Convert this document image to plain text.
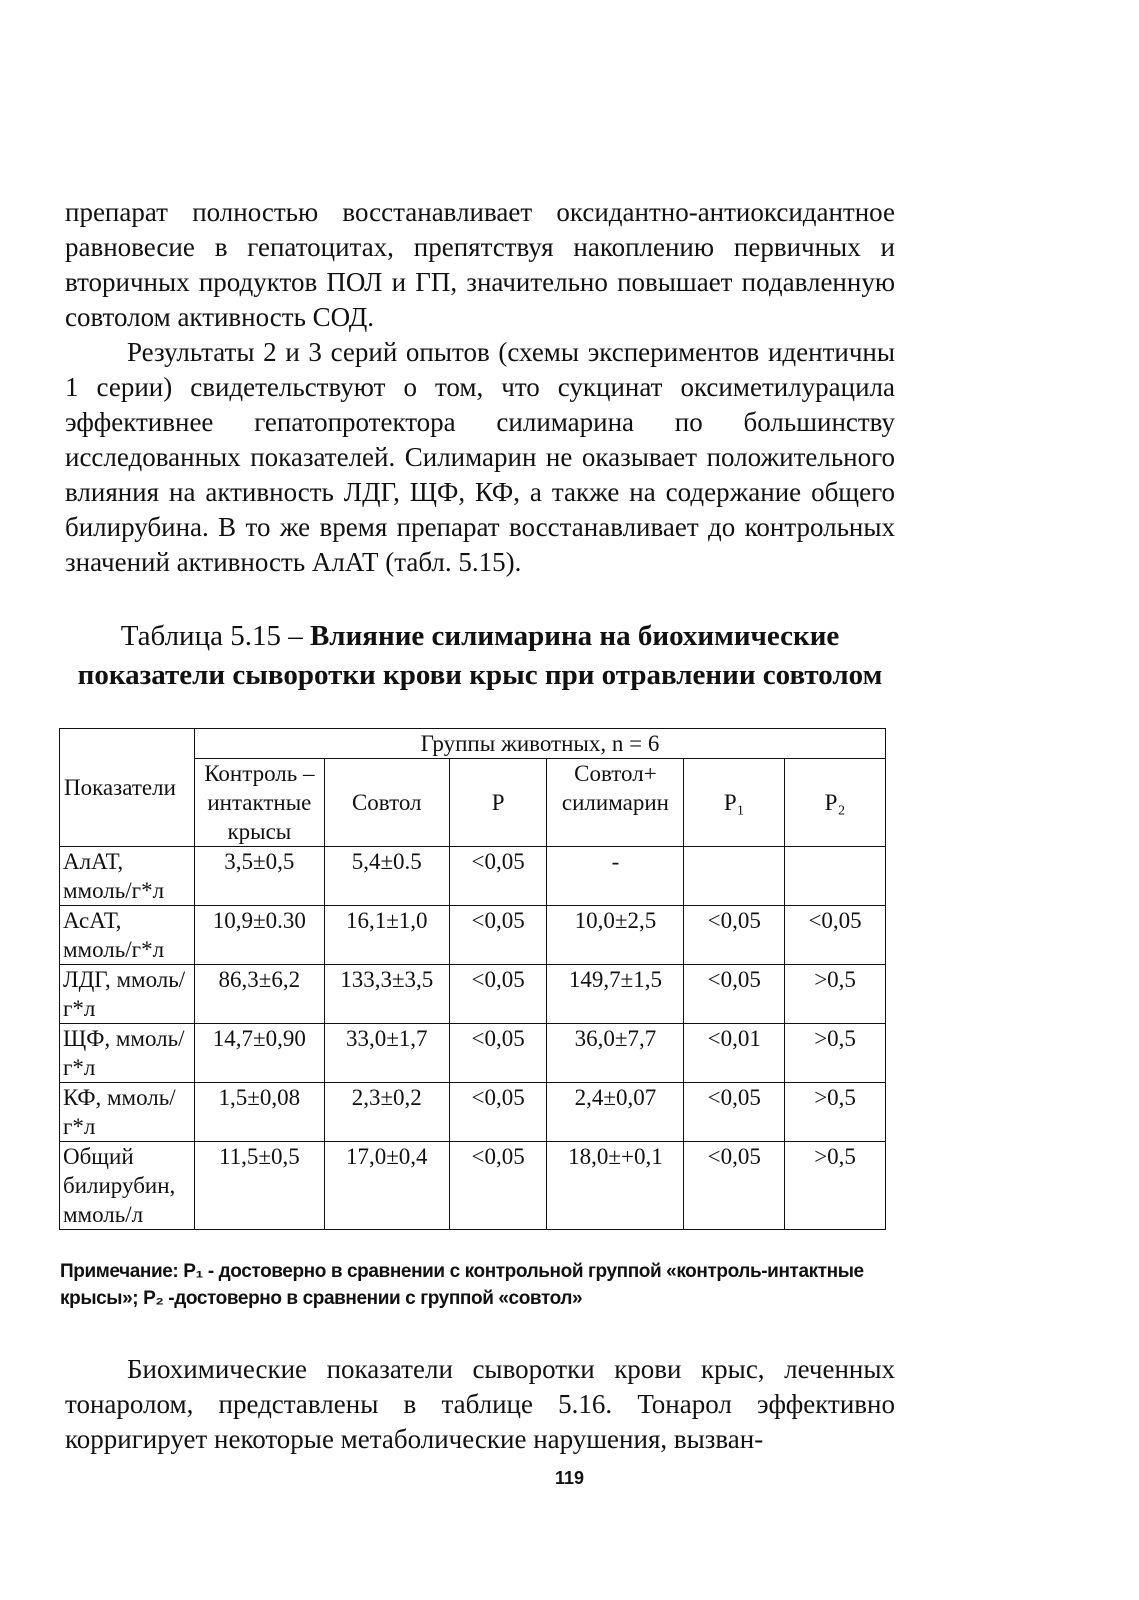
препарат полностью восстанавливает оксидантно-антиоксидантное равновесие в гепатоцитах, препятствуя накоплению первичных и вторичных продуктов ПОЛ и ГП, значительно повышает подавленную совтолом активность СОД.

Результаты 2 и 3 серий опытов (схемы экспериментов идентичны 1 серии) свидетельствуют о том, что сукцинат оксиметилурацила эффективнее гепатопротектора силимарина по большинству исследованных показателей. Силимарин не оказывает положительного влияния на активность ЛДГ, ЩФ, КФ, а также на содержание общего билирубина. В то же время препарат восстанавливает до контрольных значений активность АлАТ (табл. 5.15).

Таблица 5.15 – Влияние силимарина на биохимические показатели сыворотки крови крыс при отравлении совтолом

Показатели	Группы животных, n = 6					
	Контроль – интактные крысы	Совтол	P	Совтол+ силимарин	P₁	P₂
АлАТ, ммоль/г*л	3,5±0,5	5,4±0.5	<0,05	-		
АсАТ, ммоль/г*л	10,9±0.30	16,1±1,0	<0,05	10,0±2,5	<0,05	<0,05
ЛДГ, ммоль/г*л	86,3±6,2	133,3±3,5	<0,05	149,7±1,5	<0,05	>0,5
ЩФ, ммоль/г*л	14,7±0,90	33,0±1,7	<0,05	36,0±7,7	<0,01	>0,5
КФ, ммоль/г*л	1,5±0,08	2,3±0,2	<0,05	2,4±0,07	<0,05	>0,5
Общий билирубин, ммоль/л	11,5±0,5	17,0±0,4	<0,05	18,0±+0,1	<0,05	>0,5

Примечание: P₁ - достоверно в сравнении с контрольной группой «контроль-интактные крысы»; P₂ -достоверно в сравнении с группой «совтол»

Биохимические показатели сыворотки крови крыс, леченных тонаролом, представлены в таблице 5.16. Тонарол эффективно корригирует некоторые метаболические нарушения, вызван-

119
